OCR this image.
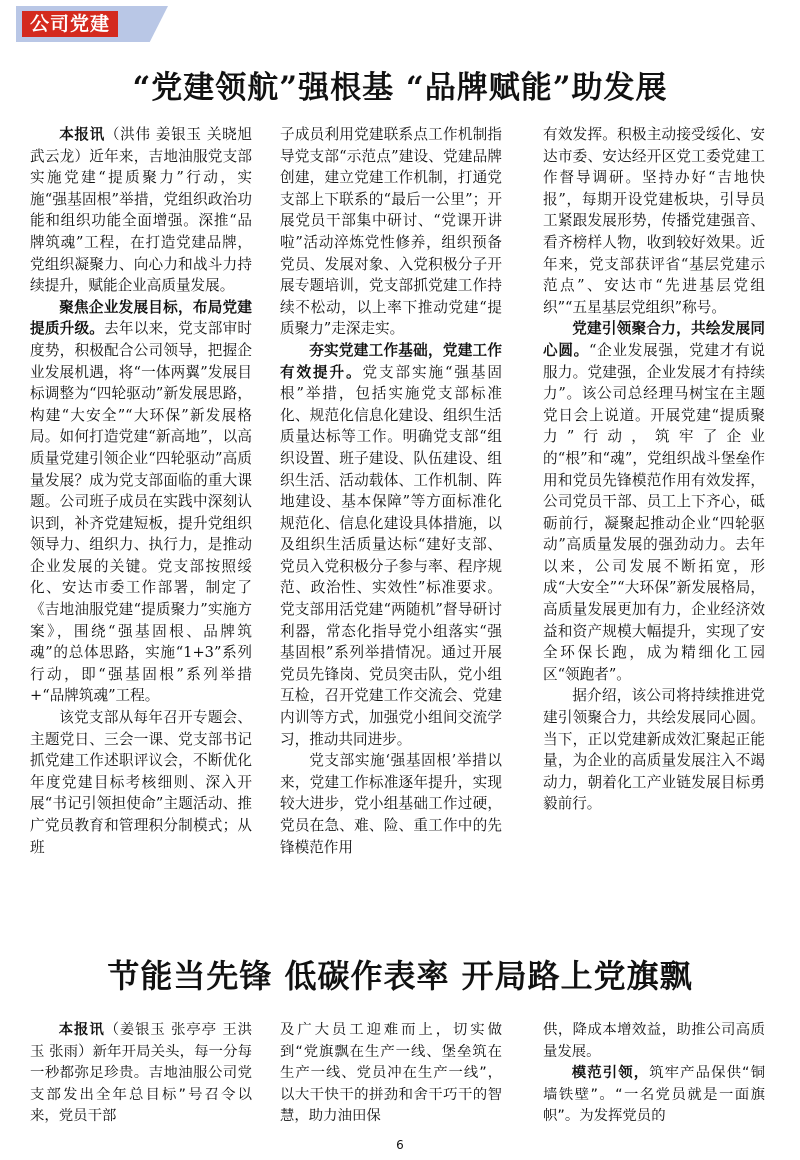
公司党建
“党建领航”强根基 “品牌赋能”助发展

本报讯（洪伟 姜银玉 关晓旭 武云龙）近年来，吉地油服党支部实施党建“提质聚力”行动，实施“强基固根”举措，党组织政治功能和组织功能全面增强。深推“品牌筑魂”工程，在打造党建品牌，党组织凝聚力、向心力和战斗力持续提升，赋能企业高质量发展。

聚焦企业发展目标，布局党建提质升级。去年以来，党支部审时度势，积极配合公司领导，把握企业发展机遇，将“一体两翼”发展目标调整为“四轮驱动”新发展思路，构建“大安全”“大环保”新发展格局。如何打造党建“新高地”，以高质量党建引领企业“四轮驱动”高质量发展？成为党支部面临的重大课题。公司班子成员在实践中深刻认识到，补齐党建短板，提升党组织领导力、组织力、执行力，是推动企业发展的关键。党支部按照绥化、安达市委工作部署，制定了《吉地油服党建“提质聚力”实施方案》，围绕“强基固根、品牌筑魂”的总体思路，实施“1+3”系列行动，即“强基固根”系列举措+“品牌筑魂”工程。

该党支部从每年召开专题会、主题党日、三会一课、党支部书记抓党建工作述职评议会，不断优化年度党建目标考核细则、深入开展“书记引领担使命”主题活动、推广党员教育和管理积分制模式；从班

子成员利用党建联系点工作机制指导党支部“示范点”建设、党建品牌创建，建立党建工作机制，打通党支部上下联系的“最后一公里”；开展党员干部集中研讨、“党课开讲啦”活动淬炼党性修养，组织预备党员、发展对象、入党积极分子开展专题培训，党支部抓党建工作持续不松动，以上率下推动党建“提质聚力”走深走实。

夯实党建工作基础，党建工作有效提升。党支部实施“强基固根”举措，包括实施党支部标准化、规范化信息化建设、组织生活质量达标等工作。明确党支部“组织设置、班子建设、队伍建设、组织生活、活动载体、工作机制、阵地建设、基本保障”等方面标准化规范化、信息化建设具体措施，以及组织生活质量达标“建好支部、党员入党积极分子参与率、程序规范、政治性、实效性”标准要求。党支部用活党建“两随机”督导研讨利器，常态化指导党小组落实“强基固根”系列举措情况。通过开展党员先锋岗、党员突击队，党小组互检，召开党建工作交流会、党建内训等方式，加强党小组间交流学习，推动共同进步。

党支部实施‘强基固根’举措以来，党建工作标准逐年提升，实现较大进步，党小组基础工作过硬，党员在急、难、险、重工作中的先锋模范作用

有效发挥。积极主动接受绥化、安达市委、安达经开区党工委党建工作督导调研。坚持办好“吉地快报”，每期开设党建板块，引导员工紧跟发展形势，传播党建强音、看齐榜样人物，收到较好效果。近年来，党支部获评省“基层党建示范点”、安达市“先进基层党组织”“五星基层党组织”称号。

党建引领聚合力，共绘发展同心圆。“企业发展强，党建才有说服力。党建强，企业发展才有持续力”。该公司总经理马树宝在主题党日会上说道。开展党建“提质聚力”行动，筑牢了企业的“根”和“魂”，党组织战斗堡垒作用和党员先锋模范作用有效发挥，公司党员干部、员工上下齐心，砥砺前行，凝聚起推动企业“四轮驱动”高质量发展的强劲动力。去年以来，公司发展不断拓宽，形成“大安全”“大环保”新发展格局，高质量发展更加有力，企业经济效益和资产规模大幅提升，实现了安全环保长跑，成为精细化工园区“领跑者”。

据介绍，该公司将持续推进党建引领聚合力，共绘发展同心圆。当下，正以党建新成效汇聚起正能量，为企业的高质量发展注入不竭动力，朝着化工产业链发展目标勇毅前行。

节能当先锋 低碳作表率 开局路上党旗飘

本报讯（姜银玉 张亭亭 王洪玉 张雨）新年开局关头，每一分每一秒都弥足珍贵。吉地油服公司党支部发出全年总目标”号召令以来，党员干部

及广大员工迎难而上，切实做到“党旗飘在生产一线、堡垒筑在生产一线、党员冲在生产一线”，以大干快干的拼劲和舍干巧干的智慧，助力油田保

供，降成本增效益，助推公司高质量发展。

模范引领，筑牢产品保供“铜墙铁壁”。“一名党员就是一面旗帜”。为发挥党员的

6
